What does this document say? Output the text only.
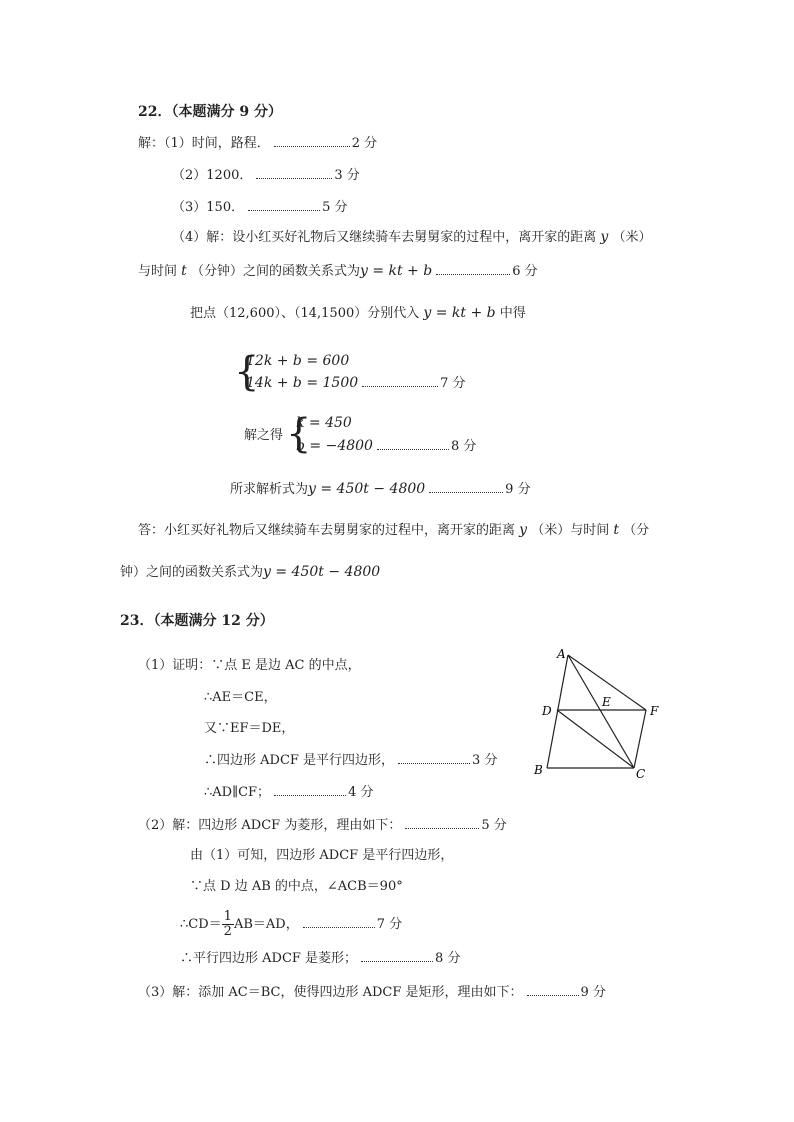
22．（本题满分 9 分）
解：（1）时间，路程．	2 分
（2）1200．	3 分
（3）150．	5 分
（4）解：设小红买好礼物后又继续骑车去舅舅家的过程中，离开家的距离 y （米）
与时间 t （分钟）之间的函数关系式为y = kt + b	6 分
把点（12,600）、（14,1500）分别代入 y = kt + b 中得
{
12k + b = 600
14k + b = 1500	7 分
解之得 {
k = 450
b = −4800	8 分
所求解析式为y = 450t − 4800	9 分
答：小红买好礼物后又继续骑车去舅舅家的过程中，离开家的距离 y （米）与时间 t （分
钟）之间的函数关系式为y = 450t − 4800
23．（本题满分 12 分）
（1）证明：∵点 E 是边 AC 的中点，
∴AE＝CE，
又∵EF＝DE，
∴四边形 ADCF 是平行四边形，	3 分
∴AD∥CF；	4 分
（2）解：四边形 ADCF 为菱形，理由如下：	5 分
由（1）可知，四边形 ADCF 是平行四边形，
∵点 D 边 AB 的中点，∠ACB＝90°
∴CD＝ $\frac{1}{2} AB=AD$，	7 分
∴平行四边形 ADCF 是菱形；	8 分
（3）解：添加 AC＝BC，使得四边形 ADCF 是矩形，理由如下：	9 分
A
B	C
D
E
F
